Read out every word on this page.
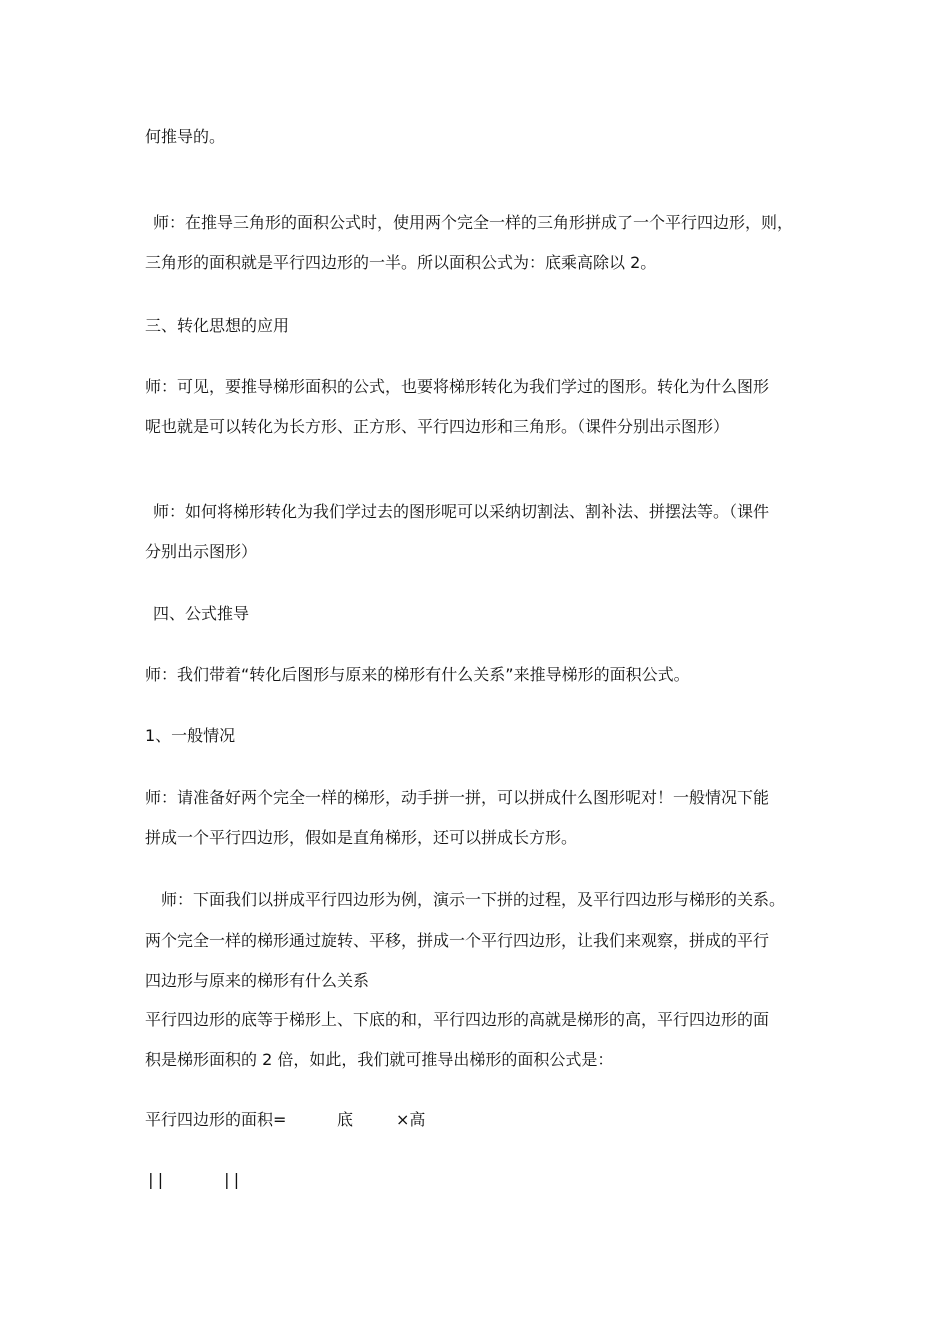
何推导的。
师：在推导三角形的面积公式时，使用两个完全一样的三角形拼成了一个平行四边形，则，
三角形的面积就是平行四边形的一半。所以面积公式为：底乘高除以 2。
三、转化思想的应用
师：可见，要推导梯形面积的公式，也要将梯形转化为我们学过的图形。转化为什么图形
呢也就是可以转化为长方形、正方形、平行四边形和三角形。（课件分别出示图形）
师：如何将梯形转化为我们学过去的图形呢可以采纳切割法、割补法、拼摆法等。（课件
分别出示图形）
四、公式推导
师：我们带着“转化后图形与原来的梯形有什么关系”来推导梯形的面积公式。
1、一般情况
师：请准备好两个完全一样的梯形，动手拼一拼，可以拼成什么图形呢对！一般情况下能
拼成一个平行四边形，假如是直角梯形，还可以拼成长方形。
师：下面我们以拼成平行四边形为例，演示一下拼的过程，及平行四边形与梯形的关系。
两个完全一样的梯形通过旋转、平移，拼成一个平行四边形，让我们来观察，拼成的平行
四边形与原来的梯形有什么关系
平行四边形的底等于梯形上、下底的和，平行四边形的高就是梯形的高，平行四边形的面
积是梯形面积的 2 倍，如此，我们就可推导出梯形的面积公式是：
平行四边形的面积=	底	×高
||	||
